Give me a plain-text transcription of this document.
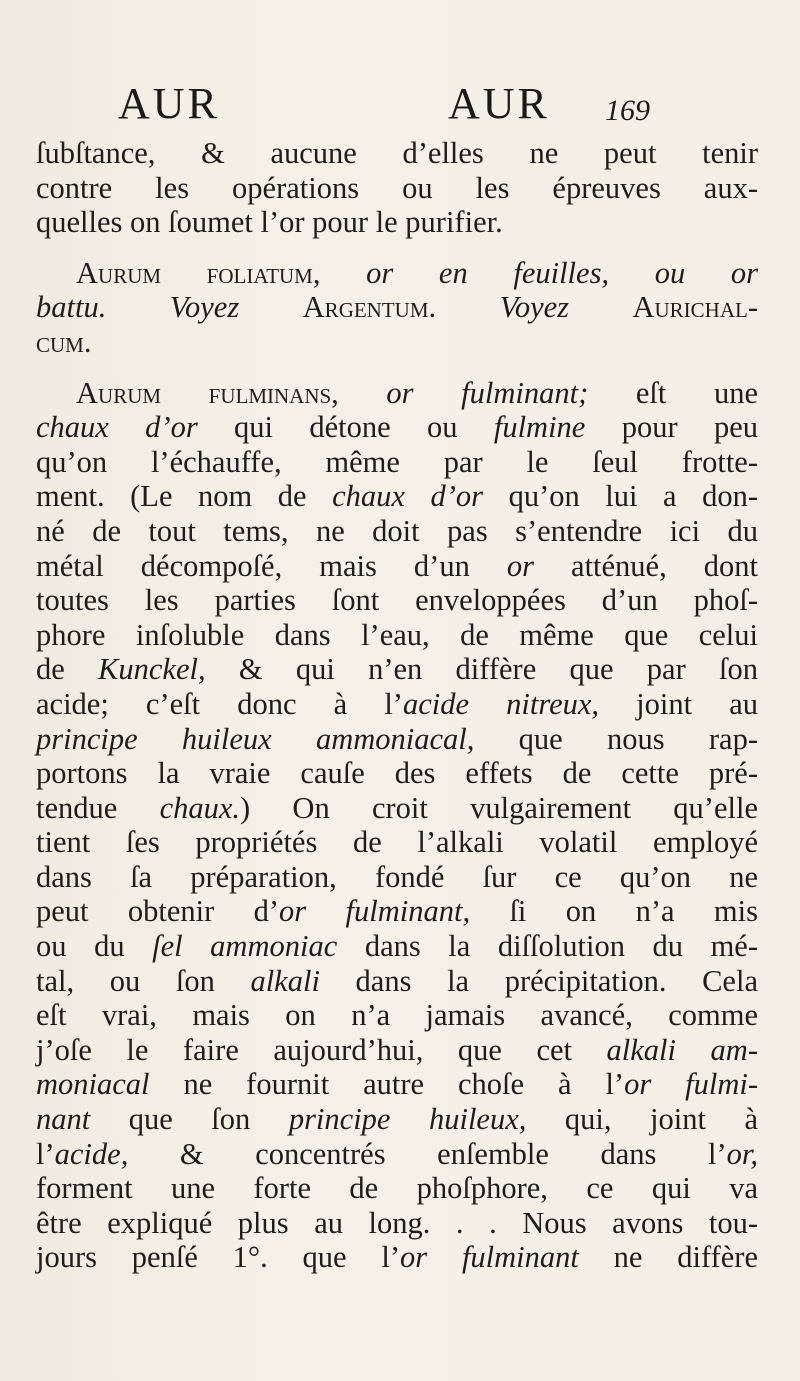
AUR	AUR 169
ſubſtance, & aucune d’elles ne peut tenir
contre les opérations ou les épreuves aux-
quelles on ſoumet l’or pour le purifier.
Aurum foliatum, or en feuilles, ou or
battu. Voyez Argentum. Voyez Aurichal-
cum.
Aurum fulminans, or fulminant; eſt une
chaux d’or qui détone ou fulmine pour peu
qu’on l’échauffe, même par le ſeul frotte-
ment. (Le nom de chaux d’or qu’on lui a don-
né de tout tems, ne doit pas s’entendre ici du
métal décompoſé, mais d’un or atténué, dont
toutes les parties ſont enveloppées d’un phoſ-
phore inſoluble dans l’eau, de même que celui
de Kunckel, & qui n’en diffère que par ſon
acide; c’eſt donc à l’acide nitreux, joint au
principe huileux ammoniacal, que nous rap-
portons la vraie cauſe des effets de cette pré-
tendue chaux.) On croit vulgairement qu’elle
tient ſes propriétés de l’alkali volatil employé
dans ſa préparation, fondé ſur ce qu’on ne
peut obtenir d’or fulminant, ſi on n’a mis
ou du ſel ammoniac dans la diſſolution du mé-
tal, ou ſon alkali dans la précipitation. Cela
eſt vrai, mais on n’a jamais avancé, comme
j’oſe le faire aujourd’hui, que cet alkali am-
moniacal ne fournit autre choſe à l’or fulmi-
nant que ſon principe huileux, qui, joint à
l’acide, & concentrés enſemble dans l’or,
forment une forte de phoſphore, ce qui va
être expliqué plus au long. . . Nous avons tou-
jours penſé 1°. que l’or fulminant ne diffère
